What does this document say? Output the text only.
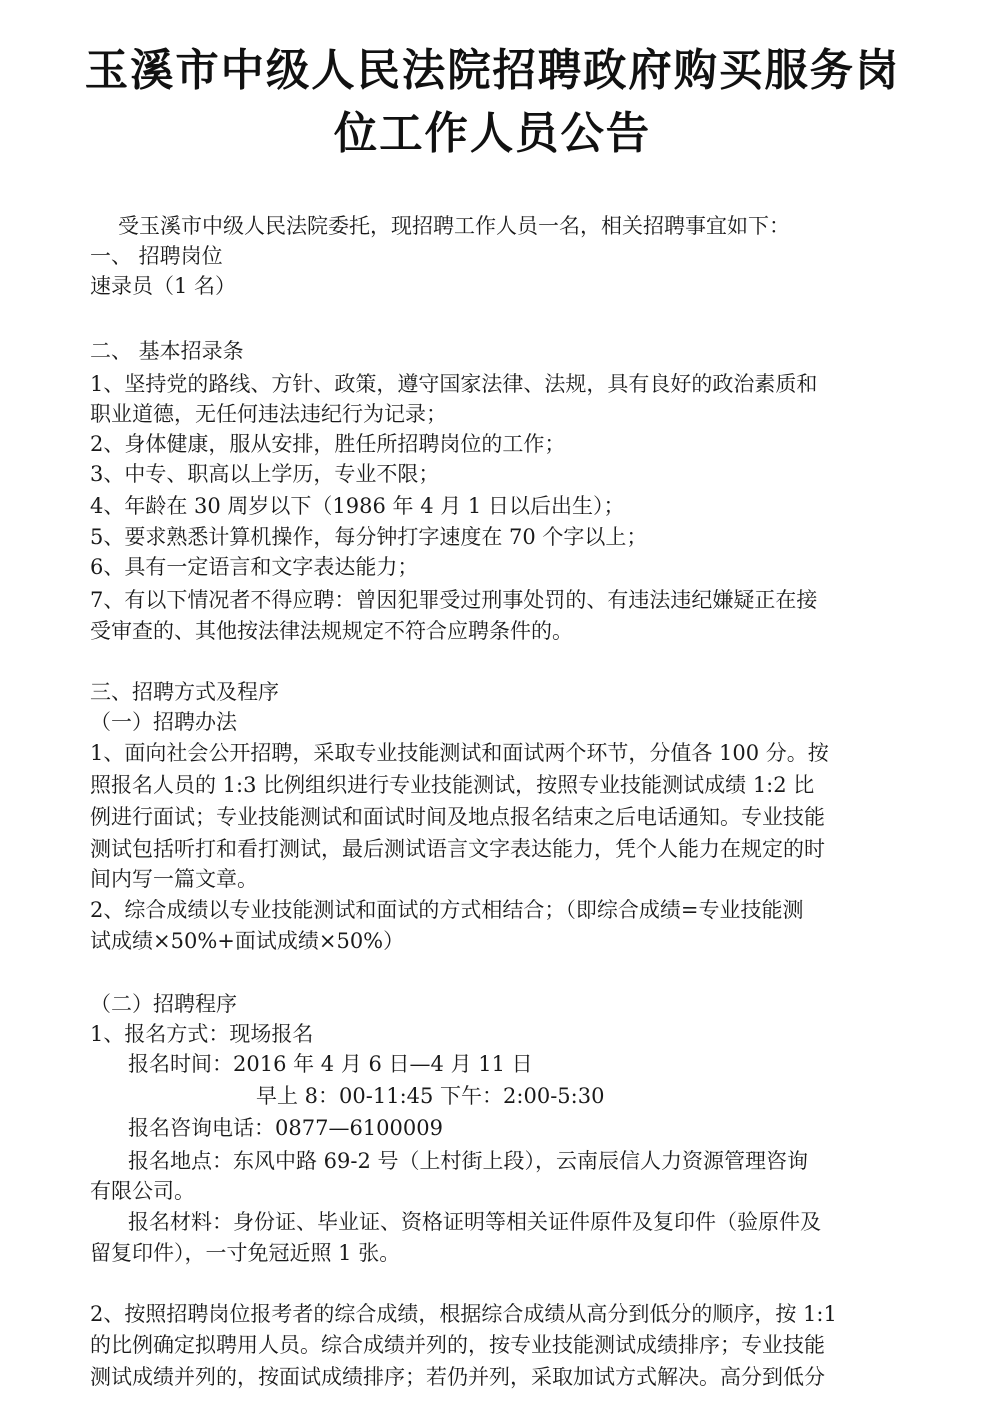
玉溪市中级人民法院招聘政府购买服务岗
位工作人员公告
受玉溪市中级人民法院委托，现招聘工作人员一名，相关招聘事宜如下：
一、 招聘岗位
速录员（1 名）
二、 基本招录条
1、坚持党的路线、方针、政策，遵守国家法律、法规，具有良好的政治素质和
职业道德，无任何违法违纪行为记录；
2、身体健康，服从安排，胜任所招聘岗位的工作；
3、中专、职高以上学历，专业不限；
4、年龄在 30 周岁以下（1986 年 4 月 1 日以后出生）；
5、要求熟悉计算机操作，每分钟打字速度在 70 个字以上；
6、具有一定语言和文字表达能力；
7、有以下情况者不得应聘：曾因犯罪受过刑事处罚的、有违法违纪嫌疑正在接
受审查的、其他按法律法规规定不符合应聘条件的。
三、招聘方式及程序
（一）招聘办法
1、面向社会公开招聘，采取专业技能测试和面试两个环节，分值各 100 分。按
照报名人员的 1:3 比例组织进行专业技能测试，按照专业技能测试成绩 1:2 比
例进行面试；专业技能测试和面试时间及地点报名结束之后电话通知。专业技能
测试包括听打和看打测试，最后测试语言文字表达能力，凭个人能力在规定的时
间内写一篇文章。
2、综合成绩以专业技能测试和面试的方式相结合；（即综合成绩=专业技能测
试成绩×50%+面试成绩×50%）
（二）招聘程序
1、报名方式：现场报名
报名时间：2016 年 4 月 6 日—4 月 11 日
早上 8：00-11:45 下午：2:00-5:30
报名咨询电话：0877—6100009
报名地点：东风中路 69-2 号（上村街上段），云南辰信人力资源管理咨询
有限公司。
报名材料：身份证、毕业证、资格证明等相关证件原件及复印件（验原件及
留复印件），一寸免冠近照 1 张。
2、按照招聘岗位报考者的综合成绩，根据综合成绩从高分到低分的顺序，按 1:1
的比例确定拟聘用人员。综合成绩并列的，按专业技能测试成绩排序；专业技能
测试成绩并列的，按面试成绩排序；若仍并列，采取加试方式解决。高分到低分
